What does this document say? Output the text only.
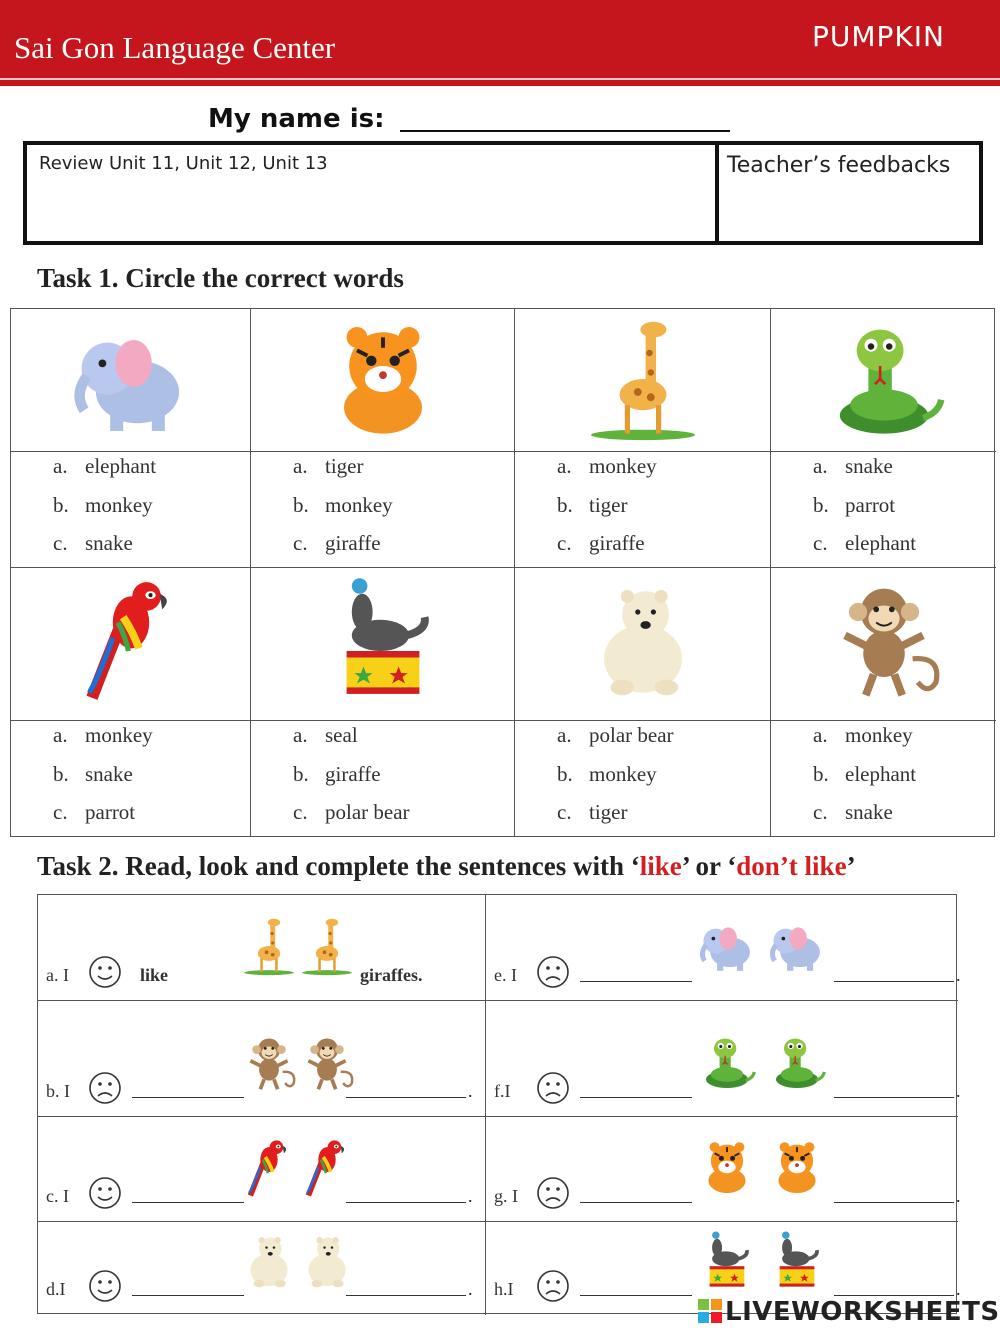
Sai Gon Language Center	PUMPKIN
My name is:
Review Unit 11, Unit 12, Unit 13	Teacher’s feedbacks
Task 1. Circle the correct words
a. elephant
b. monkey
c. snake
a. tiger
b. monkey
c. giraffe
a. monkey
b. tiger
c. giraffe
a. snake
b. parrot
c. elephant
a. monkey
b. snake
c. parrot
a. seal
b. giraffe
c. polar bear
a. polar bear
b. monkey
c. tiger
a. monkey
b. elephant
c. snake
Task 2. Read, look and complete the sentences with ‘like’ or ‘don’t like’
a. I	like	giraffes.
b. I	.
c. I	.
d.I	.
e. I	.
f.I	.
g. I	.
h.I	.
LIVEWORKSHEETS
